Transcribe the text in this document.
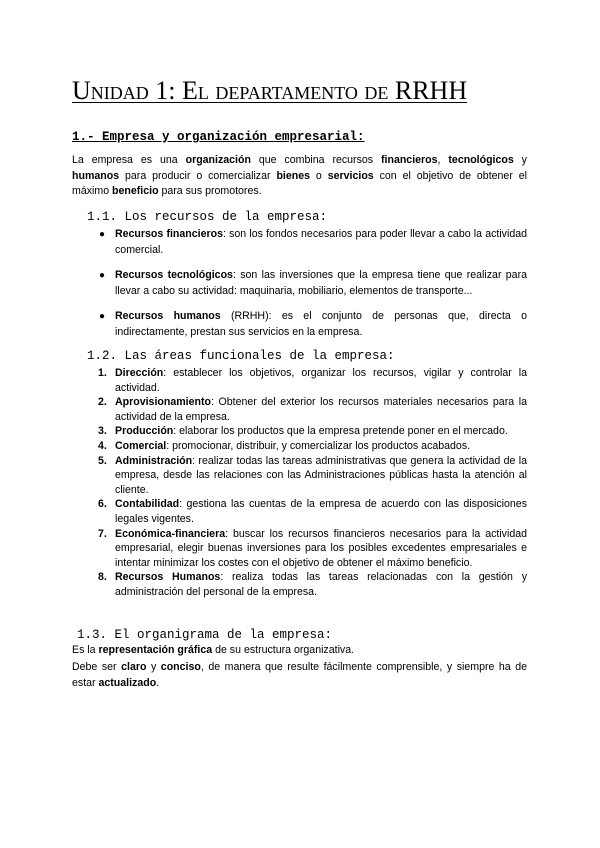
Unidad 1: El departamento de RRHH
1.- Empresa y organización empresarial:

La empresa es una organización que combina recursos financieros, tecnológicos y humanos para producir o comercializar bienes o servicios con el objetivo de obtener el máximo beneficio para sus promotores.

1.1. Los recursos de la empresa:
● Recursos financieros: son los fondos necesarios para poder llevar a cabo la actividad comercial.
● Recursos tecnológicos: son las inversiones que la empresa tiene que realizar para llevar a cabo su actividad: maquinaria, mobiliario, elementos de transporte...
● Recursos humanos (RRHH): es el conjunto de personas que, directa o indirectamente, prestan sus servicios en la empresa.
1.2. Las áreas funcionales de la empresa:
1. Dirección: establecer los objetivos, organizar los recursos, vigilar y controlar la actividad.
2. Aprovisionamiento: Obtener del exterior los recursos materiales necesarios para la actividad de la empresa.
3. Producción: elaborar los productos que la empresa pretende poner en el mercado.
4. Comercial: promocionar, distribuir, y comercializar los productos acabados.
5. Administración: realizar todas las tareas administrativas que genera la actividad de la empresa, desde las relaciones con las Administraciones públicas hasta la atención al cliente.
6. Contabilidad: gestiona las cuentas de la empresa de acuerdo con las disposiciones legales vigentes.
7. Económica-financiera: buscar los recursos financieros necesarios para la actividad empresarial, elegir buenas inversiones para los posibles excedentes empresariales e intentar minimizar los costes con el objetivo de obtener el máximo beneficio.
8. Recursos Humanos: realiza todas las tareas relacionadas con la gestión y administración del personal de la empresa.
1.3. El organigrama de la empresa:

Es la representación gráfica de su estructura organizativa.

Debe ser claro y conciso, de manera que resulte fácilmente comprensible, y siempre ha de estar actualizado.
